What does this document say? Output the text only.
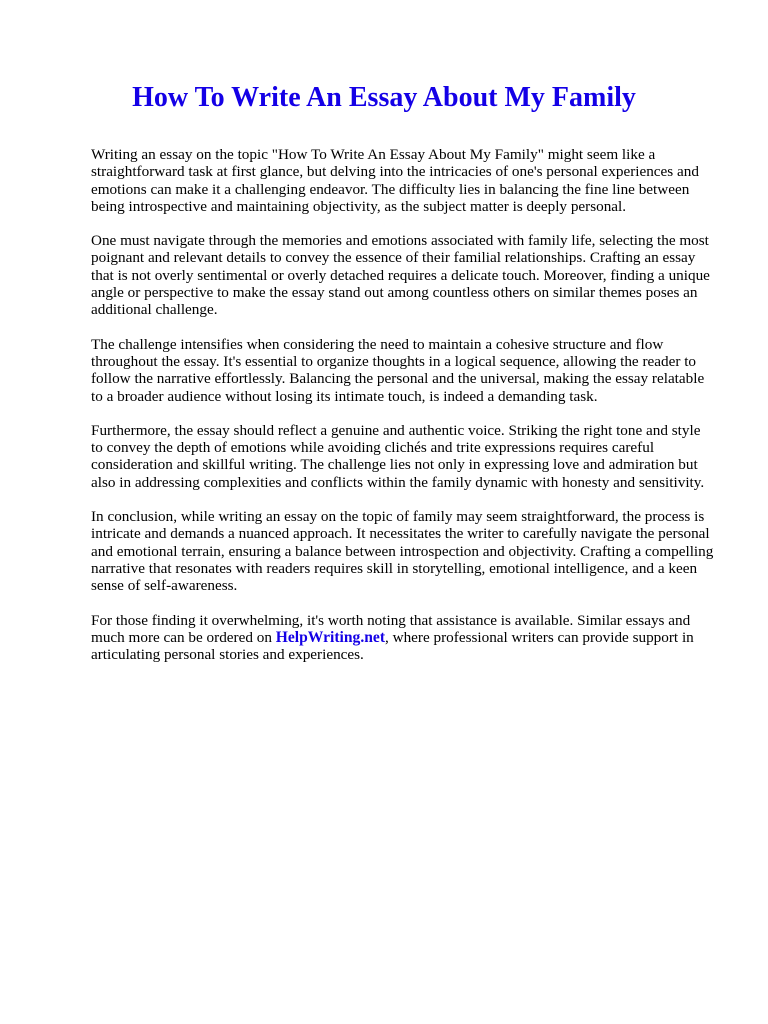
How To Write An Essay About My Family

Writing an essay on the topic "How To Write An Essay About My Family" might seem like a straightforward task at first glance, but delving into the intricacies of one's personal experiences and emotions can make it a challenging endeavor. The difficulty lies in balancing the fine line between being introspective and maintaining objectivity, as the subject matter is deeply personal.

One must navigate through the memories and emotions associated with family life, selecting the most poignant and relevant details to convey the essence of their familial relationships. Crafting an essay that is not overly sentimental or overly detached requires a delicate touch. Moreover, finding a unique angle or perspective to make the essay stand out among countless others on similar themes poses an additional challenge.

The challenge intensifies when considering the need to maintain a cohesive structure and flow throughout the essay. It's essential to organize thoughts in a logical sequence, allowing the reader to follow the narrative effortlessly. Balancing the personal and the universal, making the essay relatable to a broader audience without losing its intimate touch, is indeed a demanding task.

Furthermore, the essay should reflect a genuine and authentic voice. Striking the right tone and style to convey the depth of emotions while avoiding clichés and trite expressions requires careful consideration and skillful writing. The challenge lies not only in expressing love and admiration but also in addressing complexities and conflicts within the family dynamic with honesty and sensitivity.

In conclusion, while writing an essay on the topic of family may seem straightforward, the process is intricate and demands a nuanced approach. It necessitates the writer to carefully navigate the personal and emotional terrain, ensuring a balance between introspection and objectivity. Crafting a compelling narrative that resonates with readers requires skill in storytelling, emotional intelligence, and a keen sense of self-awareness.

For those finding it overwhelming, it's worth noting that assistance is available. Similar essays and much more can be ordered on HelpWriting.net, where professional writers can provide support in articulating personal stories and experiences.
